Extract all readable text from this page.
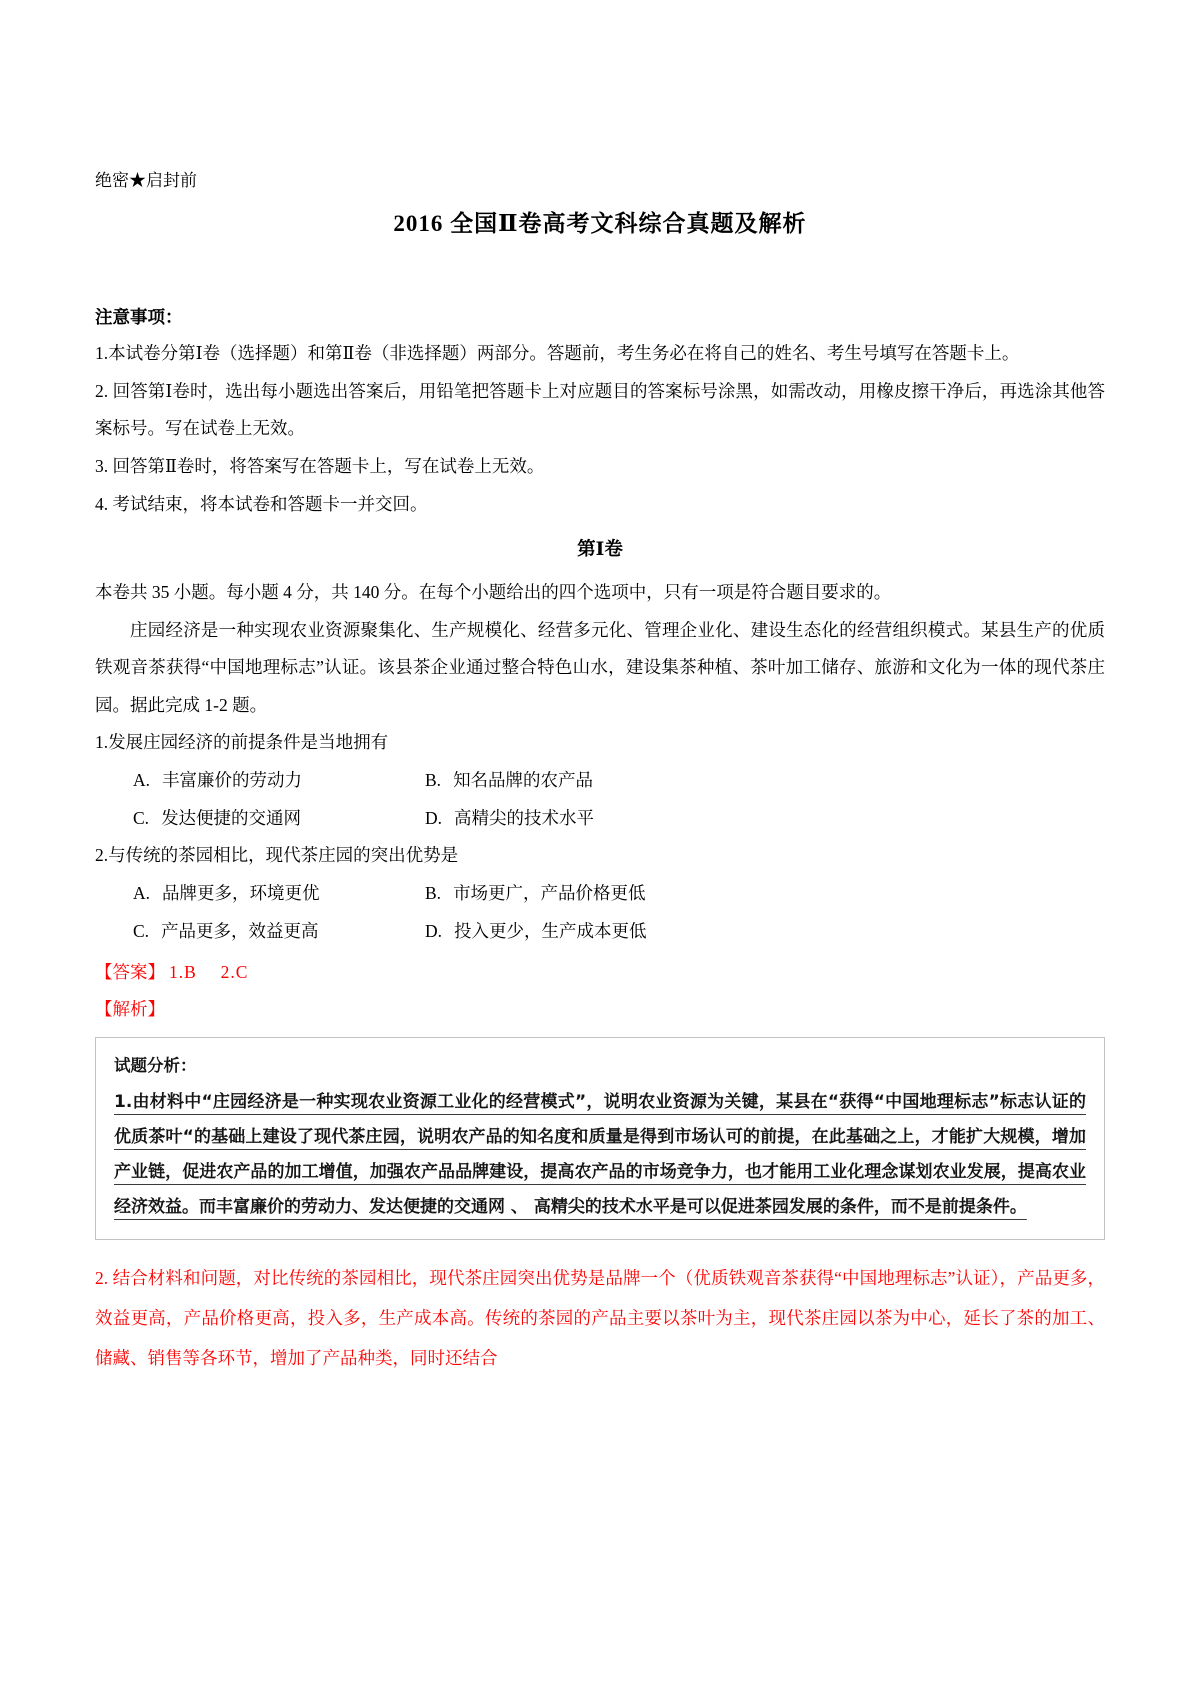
绝密★启封前

2016 全国Ⅱ卷高考文科综合真题及解析

注意事项：

1.本试卷分第Ⅰ卷（选择题）和第Ⅱ卷（非选择题）两部分。答题前，考生务必在将自己的姓名、考生号填写在答题卡上。

2. 回答第Ⅰ卷时，选出每小题选出答案后，用铅笔把答题卡上对应题目的答案标号涂黑，如需改动，用橡皮擦干净后，再选涂其他答案标号。写在试卷上无效。

3. 回答第Ⅱ卷时，将答案写在答题卡上，写在试卷上无效。

4. 考试结束，将本试卷和答题卡一并交回。

第Ⅰ卷

本卷共 35 小题。每小题 4 分，共 140 分。在每个小题给出的四个选项中，只有一项是符合题目要求的。

庄园经济是一种实现农业资源聚集化、生产规模化、经营多元化、管理企业化、建设生态化的经营组织模式。某县生产的优质铁观音茶获得“中国地理标志”认证。该县茶企业通过整合特色山水，建设集茶种植、茶叶加工储存、旅游和文化为一体的现代茶庄园。据此完成 1-2 题。

1.发展庄园经济的前提条件是当地拥有

A. 丰富廉价的劳动力	B. 知名品牌的农产品
C. 发达便捷的交通网	D. 高精尖的技术水平

2.与传统的茶园相比，现代茶庄园的突出优势是

A. 品牌更多，环境更优	B. 市场更广，产品价格更低
C. 产品更多，效益更高	D. 投入更少，生产成本更低

【答案】 1.B　 2.C

【解析】

试题分析：

1.由材料中“庄园经济是一种实现农业资源工业化的经营模式”，说明农业资源为关键，某县在“获得“中国地理标志”标志认证的优质茶叶“的基础上建设了现代茶庄园，说明农产品的知名度和质量是得到市场认可的前提，在此基础之上，才能扩大规模，增加产业链，促进农产品的加工增值，加强农产品品牌建设，提高农产品的市场竞争力，也才能用工业化理念谋划农业发展，提高农业经济效益。而丰富廉价的劳动力、发达便捷的交通网 、 高精尖的技术水平是可以促进茶园发展的条件，而不是前提条件。

2. 结合材料和问题，对比传统的茶园相比，现代茶庄园突出优势是品牌一个（优质铁观音茶获得“中国地理标志”认证），产品更多，效益更高，产品价格更高，投入多，生产成本高。传统的茶园的产品主要以茶叶为主，现代茶庄园以茶为中心，延长了茶的加工、储藏、销售等各环节，增加了产品种类，同时还结合
